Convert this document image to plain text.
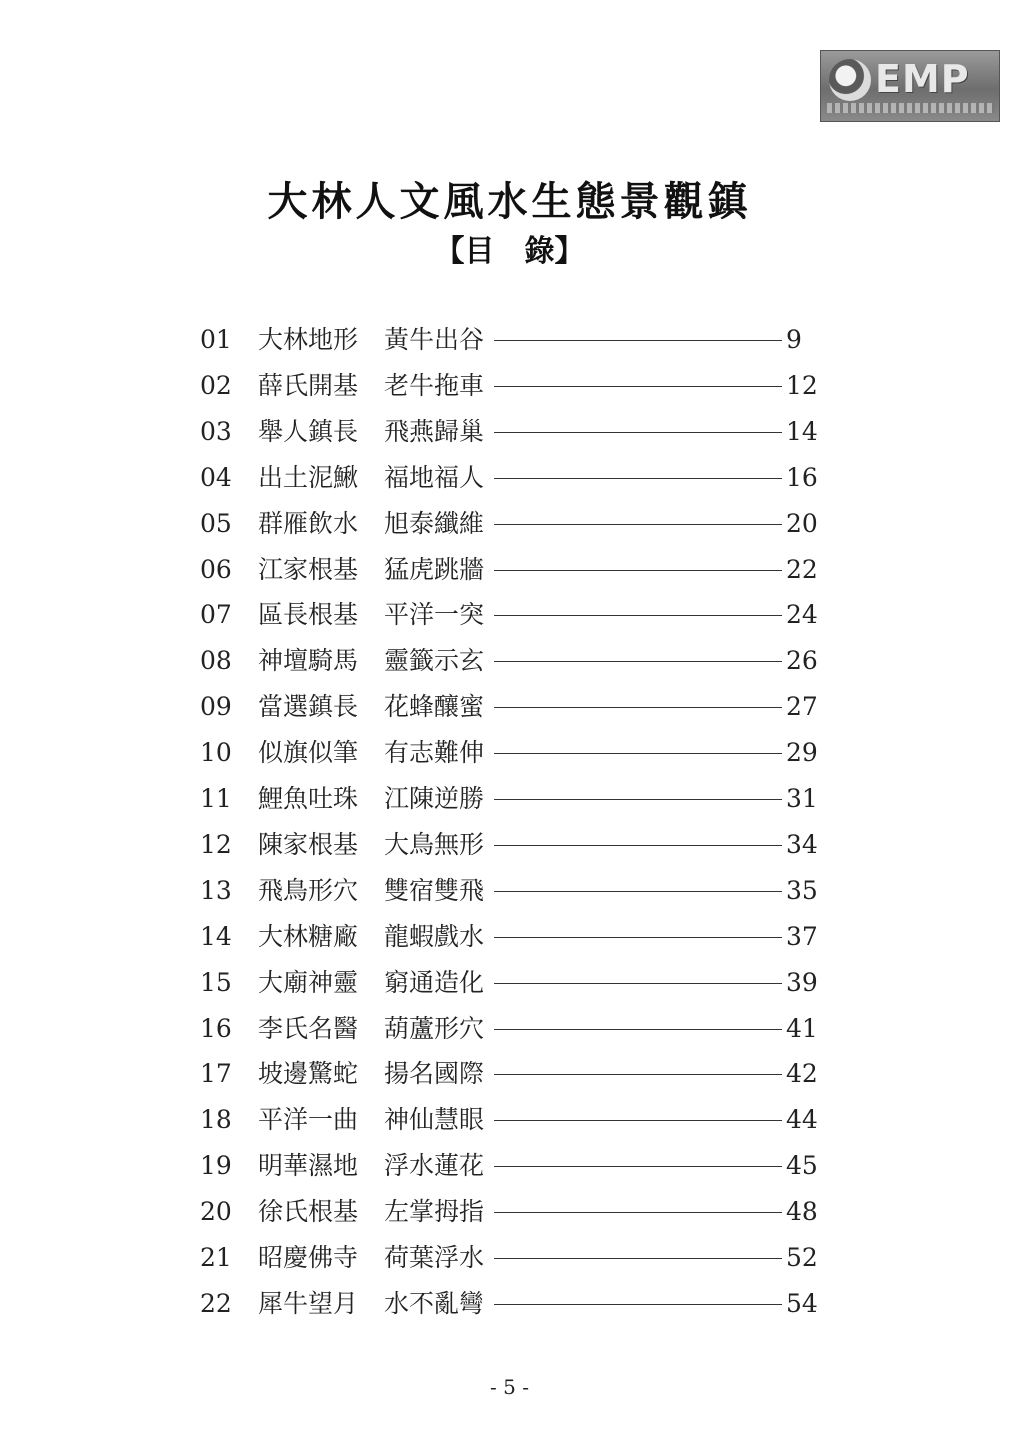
EMP
大林人文風水生態景觀鎮
【目　錄】
01	大林地形 黃牛出谷	9
02	薛氏開基 老牛拖車	12
03	舉人鎮長 飛燕歸巢	14
04	出土泥鰍 福地福人	16
05	群雁飲水 旭泰纖維	20
06	江家根基 猛虎跳牆	22
07	區長根基 平洋一突	24
08	神壇騎馬 靈籤示玄	26
09	當選鎮長 花蜂釀蜜	27
10	似旗似筆 有志難伸	29
11	鯉魚吐珠 江陳逆勝	31
12	陳家根基 大鳥無形	34
13	飛鳥形穴 雙宿雙飛	35
14	大林糖廠 龍蝦戲水	37
15	大廟神靈 窮通造化	39
16	李氏名醫 葫蘆形穴	41
17	坡邊驚蛇 揚名國際	42
18	平洋一曲 神仙慧眼	44
19	明華濕地 浮水蓮花	45
20	徐氏根基 左掌拇指	48
21	昭慶佛寺 荷葉浮水	52
22	犀牛望月 水不亂彎	54
- 5 -
